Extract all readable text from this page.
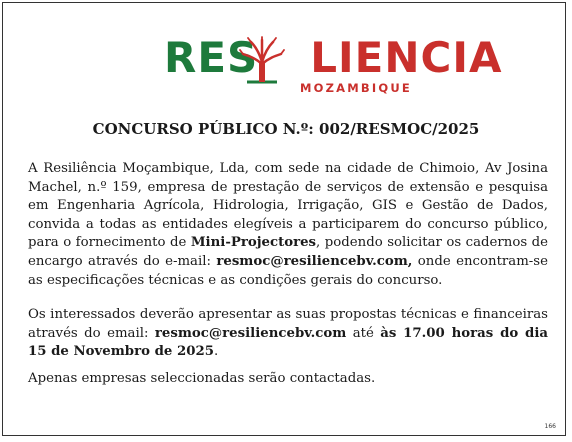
RES LIENCIA
MOZAMBIQUE
CONCURSO PÚBLICO N.º: 002/RESMOC/2025
A Resiliência Moçambique, Lda, com sede na cidade de Chimoio, Av Josina Machel, n.º 159, empresa de prestação de serviços de extensão e pesquisa em Engenharia Agrícola, Hidrologia, Irrigação, GIS e Gestão de Dados, convida a todas as entidades elegíveis a participarem do concurso público, para o fornecimento de Mini-Projectores, podendo solicitar os cadernos de encargo através do e-mail: resmoc@resiliencebv.com, onde encontram-se as especificações técnicas e as condições gerais do concurso.
Os interessados deverão apresentar as suas propostas técnicas e financeiras através do email: resmoc@resiliencebv.com até às 17.00 horas do dia 15 de Novembro de 2025.
Apenas empresas seleccionadas serão contactadas.
166
